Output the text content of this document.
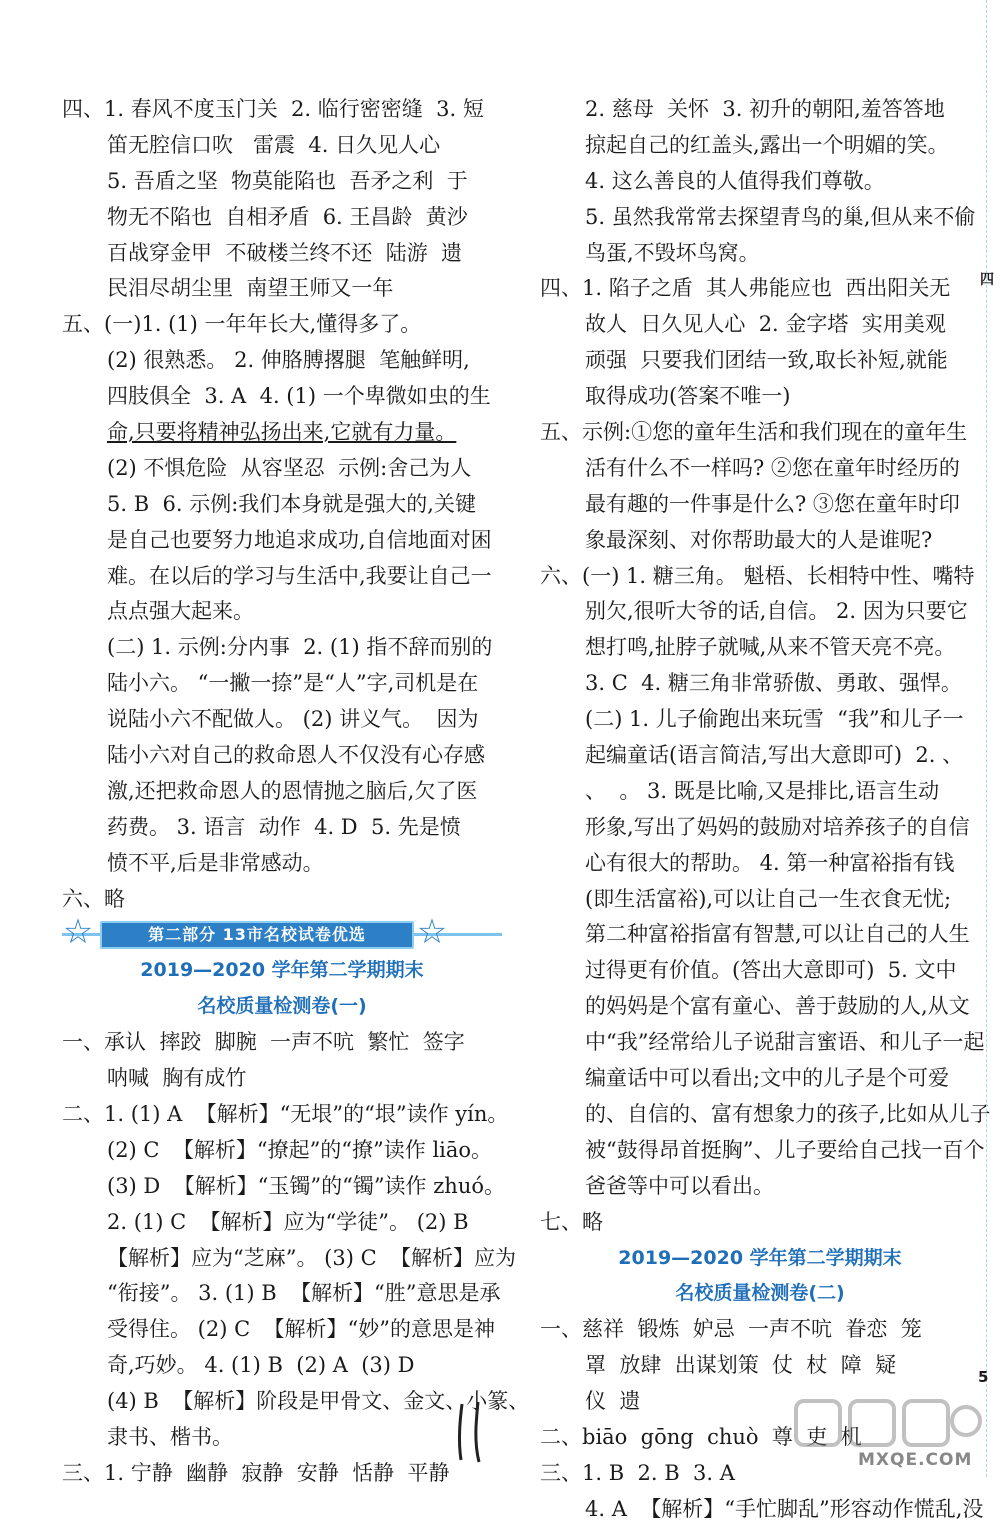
四、1. 春风不度玉门关  2. 临行密密缝  3. 短
笛无腔信口吹   雷震  4. 日久见人心
5. 吾盾之坚  物莫能陷也  吾矛之利  于
物无不陷也  自相矛盾  6. 王昌龄  黄沙
百战穿金甲  不破楼兰终不还  陆游  遗
民泪尽胡尘里  南望王师又一年
五、(一)1. (1) 一年年长大,懂得多了。
(2) 很熟悉。 2. 伸胳膊撂腿  笔触鲜明,
四肢俱全  3. A  4. (1) 一个卑微如虫的生
命,只要将精神弘扬出来,它就有力量。
(2) 不惧危险  从容坚忍  示例:舍己为人
5. B  6. 示例:我们本身就是强大的,关键
是自己也要努力地追求成功,自信地面对困
难。在以后的学习与生活中,我要让自己一
点点强大起来。
(二) 1. 示例:分内事  2. (1) 指不辞而别的
陆小六。 “一撇一捺”是“人”字,司机是在
说陆小六不配做人。 (2) 讲义气。  因为
陆小六对自己的救命恩人不仅没有心存感
激,还把救命恩人的恩情抛之脑后,欠了医
药费。 3. 语言  动作  4. D  5. 先是愤
愤不平,后是非常感动。
六、略
☆	☆
第二部分 13市名校试卷优选
2019—2020 学年第二学期期末
名校质量检测卷(一)
一、承认  摔跤  脚腕  一声不吭  繁忙  签字
呐喊  胸有成竹
二、1. (1) A  【解析】“无垠”的“垠”读作 yín。
(2) C  【解析】“撩起”的“撩”读作 liāo。
(3) D  【解析】“玉镯”的“镯”读作 zhuó。
2. (1) C  【解析】应为“学徒”。 (2) B
【解析】应为“芝麻”。 (3) C  【解析】应为
“衔接”。 3. (1) B  【解析】“胜”意思是承
受得住。 (2) C  【解析】“妙”的意思是神
奇,巧妙。 4. (1) B  (2) A  (3) D
(4) B  【解析】阶段是甲骨文、金文、小篆、
隶书、楷书。
三、1. 宁静  幽静  寂静  安静  恬静  平静
2. 慈母  关怀  3. 初升的朝阳,羞答答地
掠起自己的红盖头,露出一个明媚的笑。
4. 这么善良的人值得我们尊敬。
5. 虽然我常常去探望青鸟的巢,但从来不偷
鸟蛋,不毁坏鸟窝。
四、1. 陷子之盾  其人弗能应也  西出阳关无
故人  日久见人心  2. 金字塔  实用美观
顽强  只要我们团结一致,取长补短,就能
取得成功(答案不唯一)
五、示例:①您的童年生活和我们现在的童年生
活有什么不一样吗? ②您在童年时经历的
最有趣的一件事是什么? ③您在童年时印
象最深刻、对你帮助最大的人是谁呢?
六、(一) 1. 糖三角。 魁梧、长相特中性、嘴特
别欠,很听大爷的话,自信。 2. 因为只要它
想打鸣,扯脖子就喊,从来不管天亮不亮。
3. C  4. 糖三角非常骄傲、勇敢、强悍。
(二) 1. 儿子偷跑出来玩雪  “我”和儿子一
起编童话(语言简洁,写出大意即可)  2. 、
、  。 3. 既是比喻,又是排比,语言生动
形象,写出了妈妈的鼓励对培养孩子的自信
心有很大的帮助。 4. 第一种富裕指有钱
(即生活富裕),可以让自己一生衣食无忧;
第二种富裕指富有智慧,可以让自己的人生
过得更有价值。(答出大意即可)  5. 文中
的妈妈是个富有童心、善于鼓励的人,从文
中“我”经常给儿子说甜言蜜语、和儿子一起
编童话中可以看出;文中的儿子是个可爱
的、自信的、富有想象力的孩子,比如从儿子
被“鼓得昂首挺胸”、儿子要给自己找一百个
爸爸等中可以看出。
七、略
2019—2020 学年第二学期期末
名校质量检测卷(二)
一、慈祥  锻炼  妒忌  一声不吭  眷恋  笼
罩  放肆  出谋划策  仗  杖  障  疑
仪  遗
二、biāo  gōng  chuò  尊  吏  机
三、1. B  2. B  3. A
4. A  【解析】“手忙脚乱”形容动作慌乱,没
四
5
MXQE.COM
